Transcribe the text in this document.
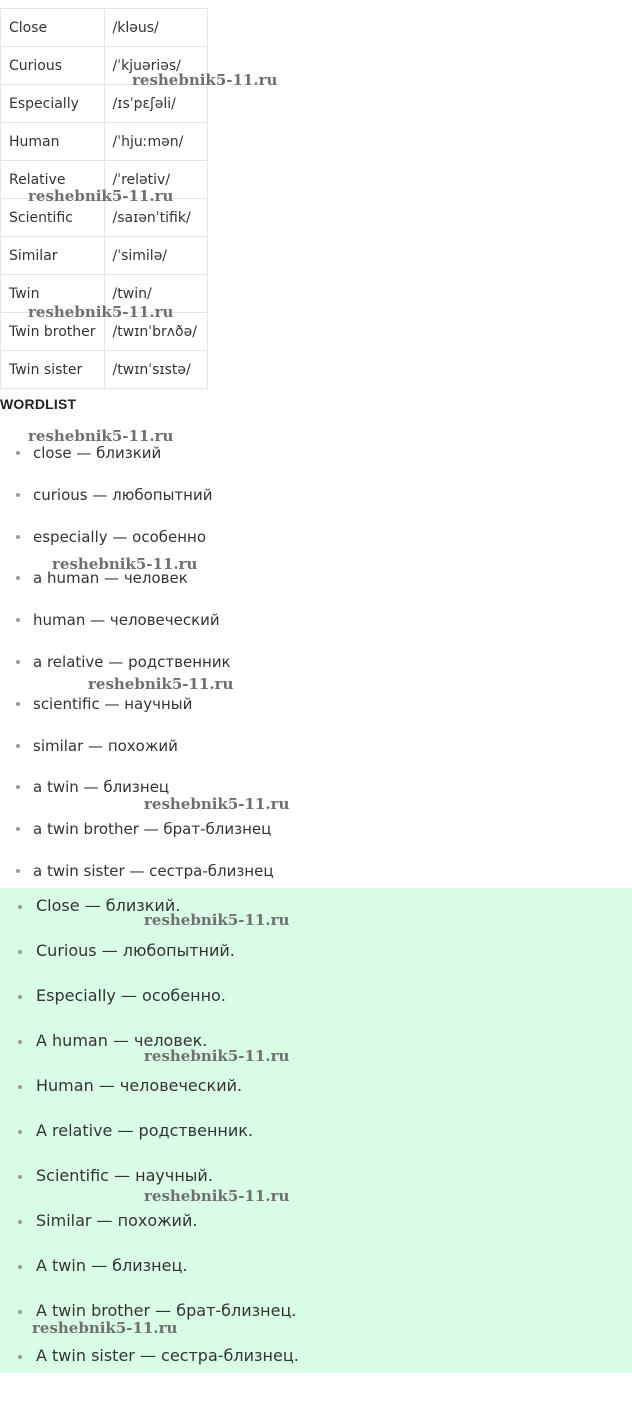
Close	/kləus/
Curious	/ˈkjuəriəs/
Especially	/ɪsˈpɛʃəli/
Human	/ˈhjuːmən/
Relative	/ˈrelətiv/
Scientific	/saɪənˈtifik/
Similar	/ˈsimilə/
Twin	/twin/
Twin brother	/twɪnˈbrʌðə/
Twin sister	/twɪnˈsɪstə/
WORDLIST
close — близкий
curious — любопытний
especially — особенно
a human — человек
human — человеческий
a relative — родственник
scientific — научный
similar — похожий
a twin — близнец
a twin brother — брат-близнец
a twin sister — сестра-близнец
Close — близкий.
Curious — любопытний.
Especially — особенно.
A human — человек.
Human — человеческий.
A relative — родственник.
Scientific — научный.
Similar — похожий.
A twin — близнец.
A twin brother — брат-близнец.
A twin sister — сестра-близнец.
reshebnik5-11.ru
reshebnik5-11.ru
reshebnik5-11.ru
reshebnik5-11.ru
reshebnik5-11.ru
reshebnik5-11.ru
reshebnik5-11.ru
reshebnik5-11.ru
reshebnik5-11.ru
reshebnik5-11.ru
reshebnik5-11.ru
